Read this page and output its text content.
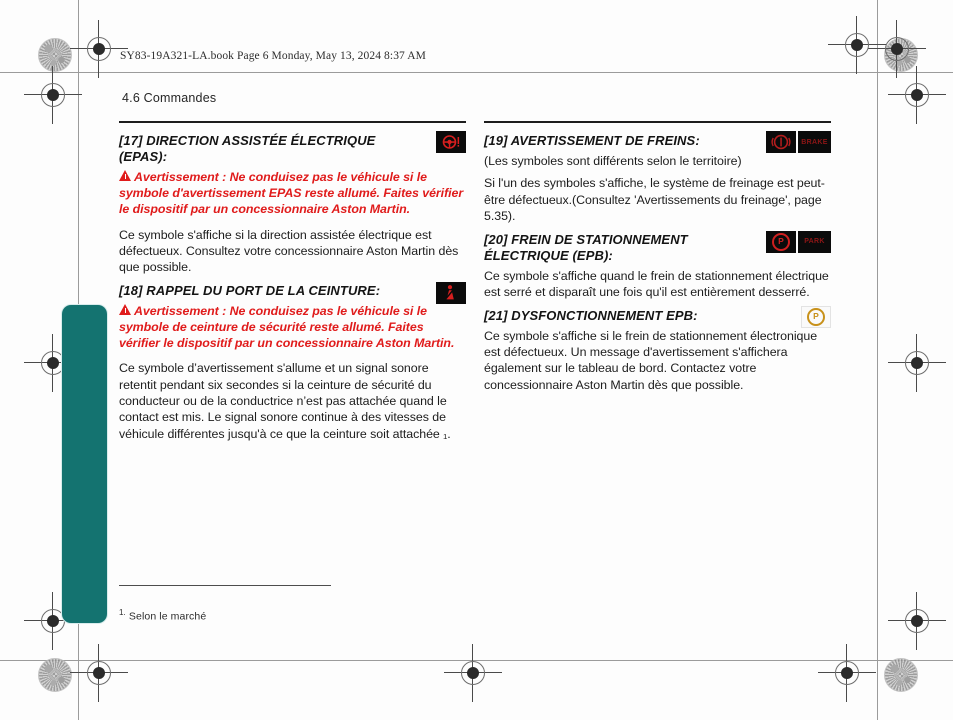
SY83-19A321-LA.book Page 6 Monday, May 13, 2024 8:37 AM
4.6 Commandes
[17] DIRECTION ASSISTÉE ÉLECTRIQUE (EPAS):

Avertissement : Ne conduisez pas le véhicule si le symbole d'avertissement EPAS reste allumé. Faites vérifier le dispositif par un concessionnaire Aston Martin.

Ce symbole s'affiche si la direction assistée électrique est défectueux. Consultez votre concessionnaire Aston Martin dès que possible.

[18] RAPPEL DU PORT DE LA CEINTURE:

Avertissement : Ne conduisez pas le véhicule si le symbole de ceinture de sécurité reste allumé. Faites vérifier le dispositif par un concessionnaire Aston Martin.

Ce symbole d’avertissement s'allume et un signal sonore retentit pendant six secondes si la ceinture de sécurité du conducteur ou de la conductrice n’est pas attachée quand le contact est mis. Le signal sonore continue à des vitesses de véhicule différentes jusqu'à ce que la ceinture soit attachée ₁.

$^{1.}$ Selon le marché
BRAKE
[19] AVERTISSEMENT DE FREINS:

(Les symboles sont différents selon le territoire)

Si l'un des symboles s'affiche, le système de freinage est peut-être défectueux.(Consultez 'Avertissements du freinage', page 5.35).

P	PARK
[20] FREIN DE STATIONNEMENT ÉLECTRIQUE (EPB):

Ce symbole s'affiche quand le frein de stationnement électrique est serré et disparaît une fois qu'il est entièrement desserré.

P
[21] DYSFONCTIONNEMENT EPB:

Ce symbole s'affiche si le frein de stationnement électronique est défectueux. Un message d'avertissement s'affichera également sur le tableau de bord. Contactez votre concessionnaire Aston Martin dès que possible.
